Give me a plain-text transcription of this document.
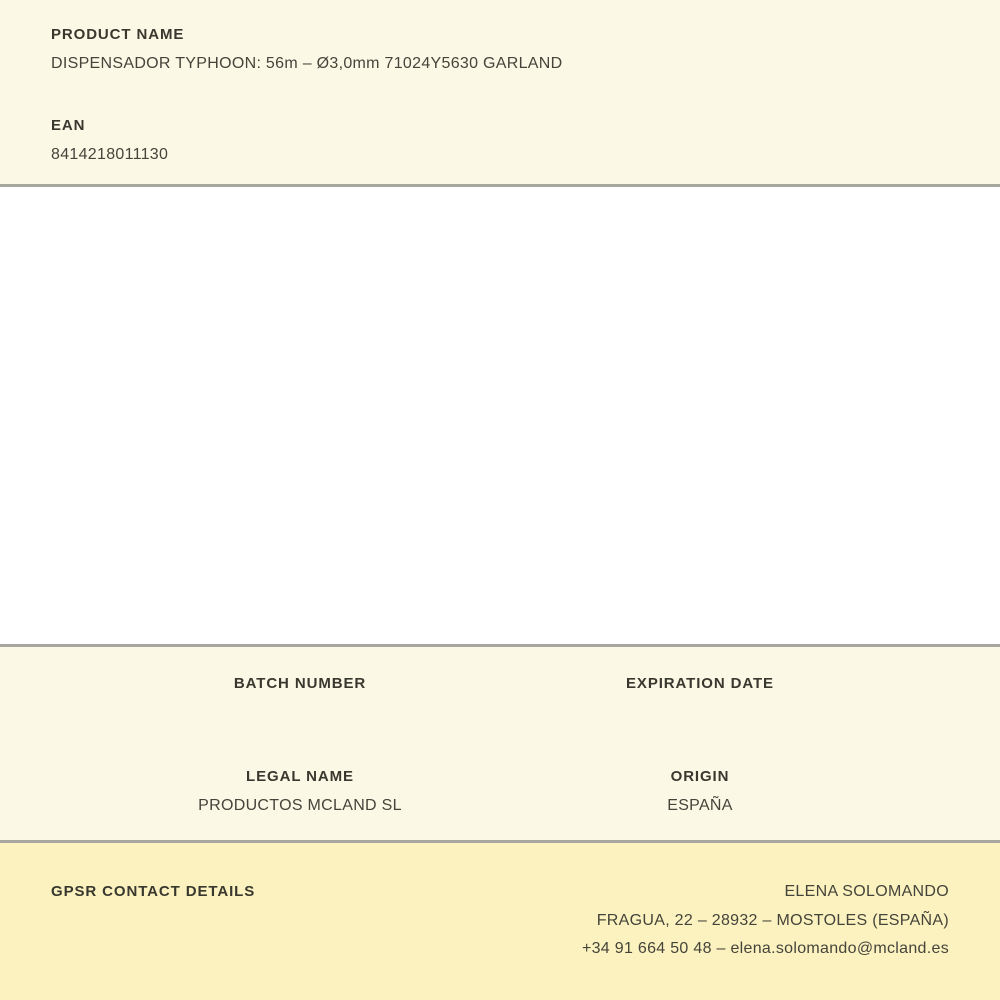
PRODUCT NAME
DISPENSADOR TYPHOON: 56m – Ø3,0mm 71024Y5630 GARLAND
EAN
8414218011130
BATCH NUMBER	EXPIRATION DATE
LEGAL NAME
PRODUCTOS MCLAND SL
ORIGIN
ESPAÑA
GPSR CONTACT DETAILS	ELENA SOLOMANDO
FRAGUA, 22 – 28932 – MOSTOLES (ESPAÑA)
+34 91 664 50 48 – elena.solomando@mcland.es
